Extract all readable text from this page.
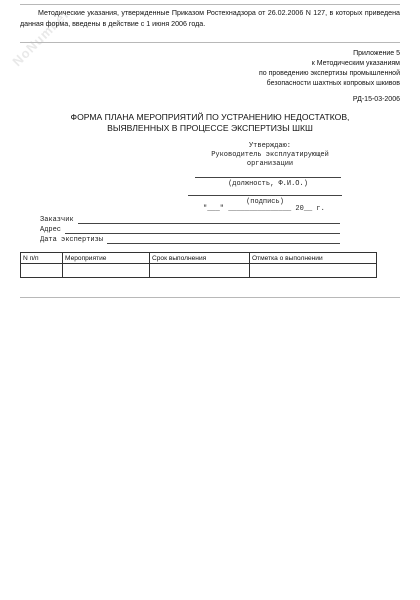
NoNumber
Методические указания, утвержденные Приказом Ростехнадзора от 26.02.2006 N 127, в которых приведена данная форма, введены в действие с 1 июня 2006 года.
Приложение 5
к Методическим указаниям
по проведению экспертизы промышленной
безопасности шахтных копровых шкивов
РД-15-03-2006
ФОРМА ПЛАНА МЕРОПРИЯТИЙ ПО УСТРАНЕНИЮ НЕДОСТАТКОВ,
ВЫЯВЛЕННЫХ В ПРОЦЕССЕ ЭКСПЕРТИЗЫ ШКШ
Утверждаю:
Руководитель эксплуатирующей
организации
(должность, Ф.И.О.)
(подпись)
"___" _______________ 20__ г.
Заказчик
Адрес
Дата экспертизы
N п/п	Мероприятие	Срок выполнения	Отметка о выполнении
